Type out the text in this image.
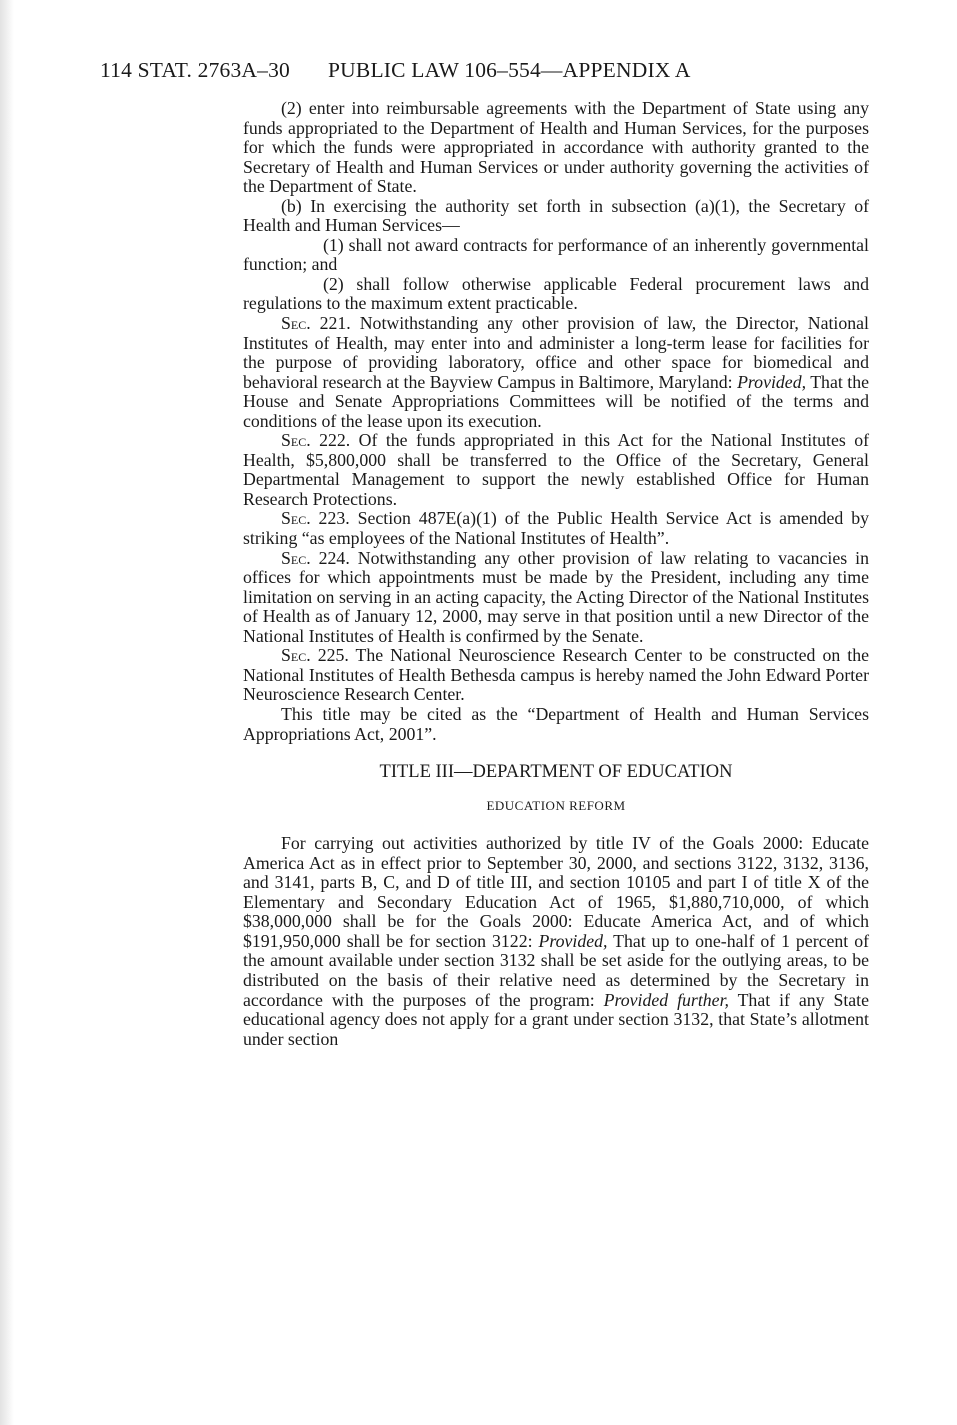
114 STAT. 2763A–30 PUBLIC LAW 106–554—APPENDIX A

(2) enter into reimbursable agreements with the Department of State using any funds appropriated to the Department of Health and Human Services, for the purposes for which the funds were appropriated in accordance with authority granted to the Secretary of Health and Human Services or under authority governing the activities of the Department of State.

(b) In exercising the authority set forth in subsection (a)(1), the Secretary of Health and Human Services—

(1) shall not award contracts for performance of an inherently governmental function; and

(2) shall follow otherwise applicable Federal procurement laws and regulations to the maximum extent practicable.

Sec. 221. Notwithstanding any other provision of law, the Director, National Institutes of Health, may enter into and administer a long-term lease for facilities for the purpose of providing laboratory, office and other space for biomedical and behavioral research at the Bayview Campus in Baltimore, Maryland: Provided, That the House and Senate Appropriations Committees will be notified of the terms and conditions of the lease upon its execution.

Sec. 222. Of the funds appropriated in this Act for the National Institutes of Health, $5,800,000 shall be transferred to the Office of the Secretary, General Departmental Management to support the newly established Office for Human Research Protections.

Sec. 223. Section 487E(a)(1) of the Public Health Service Act is amended by striking “as employees of the National Institutes of Health”.

Sec. 224. Notwithstanding any other provision of law relating to vacancies in offices for which appointments must be made by the President, including any time limitation on serving in an acting capacity, the Acting Director of the National Institutes of Health as of January 12, 2000, may serve in that position until a new Director of the National Institutes of Health is confirmed by the Senate.

Sec. 225. The National Neuroscience Research Center to be constructed on the National Institutes of Health Bethesda campus is hereby named the John Edward Porter Neuroscience Research Center.

This title may be cited as the “Department of Health and Human Services Appropriations Act, 2001”.

TITLE III—DEPARTMENT OF EDUCATION

EDUCATION REFORM

For carrying out activities authorized by title IV of the Goals 2000: Educate America Act as in effect prior to September 30, 2000, and sections 3122, 3132, 3136, and 3141, parts B, C, and D of title III, and section 10105 and part I of title X of the Elementary and Secondary Education Act of 1965, $1,880,710,000, of which $38,000,000 shall be for the Goals 2000: Educate America Act, and of which $191,950,000 shall be for section 3122: Provided, That up to one-half of 1 percent of the amount available under section 3132 shall be set aside for the outlying areas, to be distributed on the basis of their relative need as determined by the Secretary in accordance with the purposes of the program: Provided further, That if any State educational agency does not apply for a grant under section 3132, that State’s allotment under section
